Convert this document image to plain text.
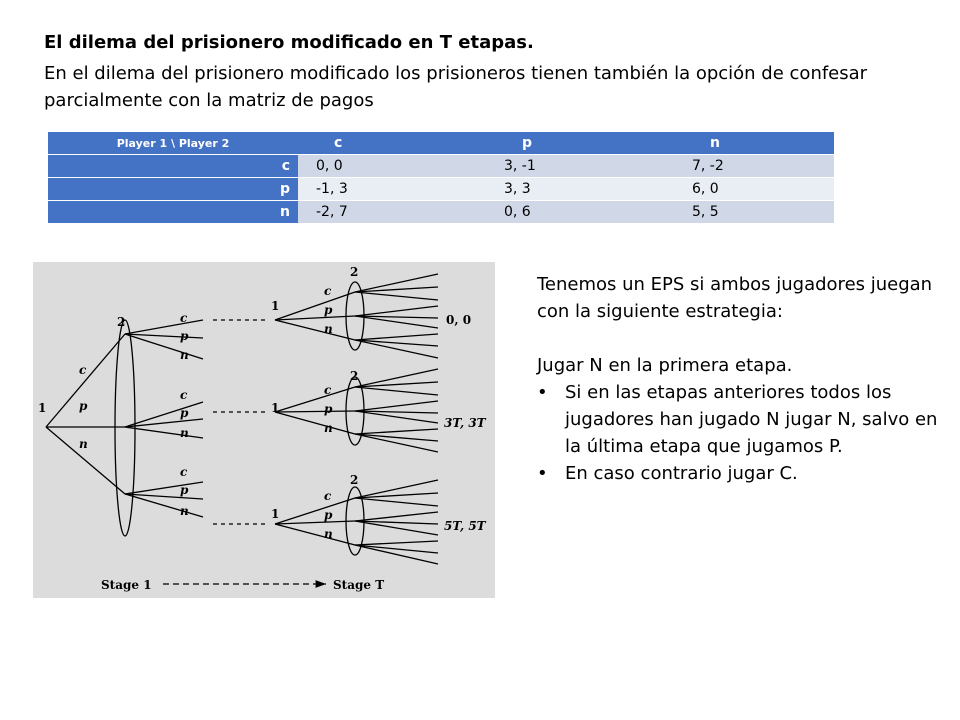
El dilema del prisionero modificado en T etapas.
En el dilema del prisionero modificado los prisioneros tienen también la opción de confesar parcialmente con la matriz de pagos
Player 1 \ Player 2	c	p	n
c	0, 0	3, -1	7, -2
p	-1, 3	3, 3	6, 0
n	-2, 7	0, 6	5, 5
1
2
c
p
n
c
p
n
c
p
n
c
p
n
1
1
1
2
2
2
c
p
n
c
p
n
c
p
n
0, 0
3T, 3T
5T, 5T
Stage 1	Stage T

Tenemos un EPS si ambos jugadores juegan con la siguiente estrategia:

Jugar N en la primera etapa.

• Si en las etapas anteriores todos los jugadores han jugado N jugar N, salvo en la última etapa que jugamos P.
• En caso contrario jugar C.
